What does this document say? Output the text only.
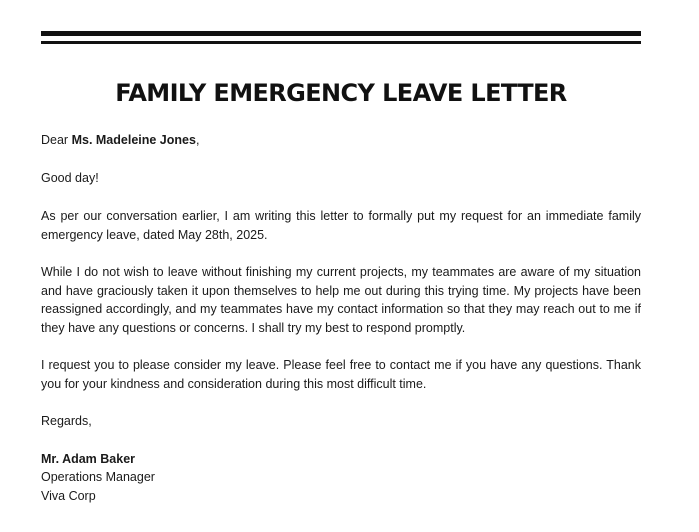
FAMILY EMERGENCY LEAVE LETTER

Dear Ms. Madeleine Jones,

Good day!

As per our conversation earlier, I am writing this letter to formally put my request for an immediate family emergency leave, dated May 28th, 2025.

While I do not wish to leave without finishing my current projects, my teammates are aware of my situation and have graciously taken it upon themselves to help me out during this trying time. My projects have been reassigned accordingly, and my teammates have my contact information so that they may reach out to me if they have any questions or concerns. I shall try my best to respond promptly.

I request you to please consider my leave. Please feel free to contact me if you have any questions. Thank you for your kindness and consideration during this most difficult time.

Regards,

Mr. Adam Baker

Operations Manager

Viva Corp
